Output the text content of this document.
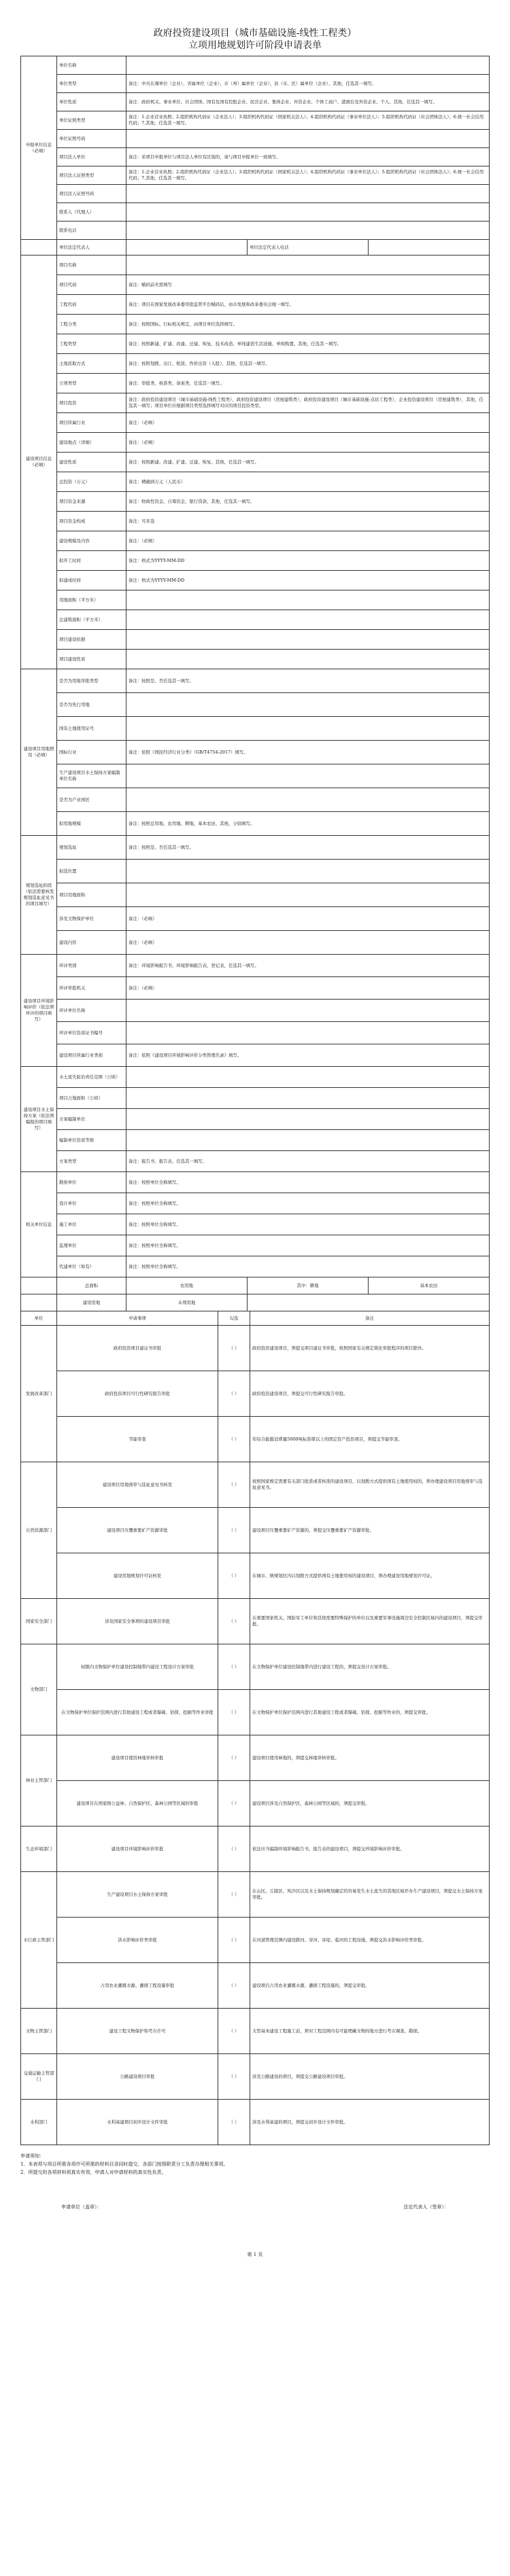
政府投资建设项目（城市基础设施-线性工程类）
立项用地规划许可阶段申请表单
申报单位信息（必填）	单位名称			
	单位类型	备注：中央在湘单位（企业）、省属单位（企业）、市（州）属单位（企业）、县（市、区）属单位（企业）、其他，任选其一填写。		
	单位性质	备注：政府机关、事业单位、社会团体、国有及国有控股企业、民营企业、集体企业、外资企业、个体工商户、港澳台及外资企业、个人、其他，任选其一填写。		
	单位证照类型	备注：1.企业营业执照；2.组织机构代码证（企业法人）；3.组织机构代码证（国家机关法人）；4.组织机构代码证（事业单位法人）；5.组织机构代码证（社会团体法人）；6.统一社会信用代码；7.其他，任选其一填写。		
	单位证照号码			
	项目法人单位	备注：若项目申报单位与项目法人单位有区别的，请与项目申报单位一致填写。		
	项目法人证照类型	备注：1.企业营业执照；2.组织机构代码证（企业法人）；3.组织机构代码证（国家机关法人）；4.组织机构代码证（事业单位法人）；5.组织机构代码证（社会团体法人）；6.统一社会信用代码；7.其他，任选其一填写。		
	项目法人证照号码			
	联系人（代理人）			
	联系电话			
	单位法定代表人		单位法定代表人电话	
建设项目信息（必填）	项目名称			
	项目代码	备注：赋码前无需填写		
	工程代码	备注：项目在国家发展改革委审批监管平台赋码后，由市发展和改革委员会统一填写。		
	工程分类	备注：按照国标、行标相关规定，由项目单位选择填写。		
	工程类型	备注：按照新建、扩建、改建、迁建、恢复、技术改造、单纯建造生活设施、单纯购置、其他，任选其一填写。		
	土地获取方式	备注：按照划拨、出让、租赁、作价出资（入股）、其他，任选其一填写。		
	立项类型	备注：审批类、核准类、备案类，任选其一填写。		
	项目投资	备注：政府投资建设项目（城市基础设施-线性工程类），政府投资建设项目（房屋建筑类），政府投资建设项目（城市基础设施-点状工程类），企业投资建设项目（房屋建筑类），其他，任选其一填写；项目单位应根据项目类型选择填写对应的项目投资类型。		
	项目所属行业	备注：（必填）		
	建设地点（详细）	备注：（必填）		
	建设性质	备注：按照新建、改建、扩建、迁建、恢复、其他，任选其一填写。		
	总投资（万元）	备注：精确到万元（人民币）		
	项目资金来源	备注：财政性资金、自筹资金、银行贷款、其他，任选其一填写。		
	项目资金构成	备注：可多选		
	建设规模及内容	备注：（必填）		
	拟开工时间	备注：格式为YYYY-MM-DD		
	拟建成时间	备注：格式为YYYY-MM-DD		
	用地面积（平方米）			
	总建筑面积（平方米）			
	项目建设依据			
	项目建设性质			
建设项目用地情况（必填）	是否为用地审批类型	备注：按照是、否任选其一填写。		
	是否为先行用地			
	国有土地使用证号			
	国标行业	备注：依照《国民经济行业分类》（GB/T4754-2017）填写。		
	生产建设项目水土保持方案编制单位名称			
	是否为产业园区			
	拟用地规模	备注：按照总用地、农用地、耕地、基本农田、其他，分别填写。		
规划选址阶段（依法需要核发规划选址意见书的项目填写）	规划选址	备注：按照是、否任选其一填写。		
	拟选位置			
	项目用地面积			
	涉及文物保护单位	备注：（必填）		
	建设内容	备注：（必填）		
建设项目环境影响评价（依法须环评的项目填写）	环评类别	备注：环境影响报告书、环境影响报告表、登记表，任选其一填写。		
	环评审批机关	备注：（必填）		
	环评单位名称			
	环评单位资质证书编号			
	建设项目所属行业类别	备注：依照《建设项目环境影响评价分类管理名录》填写。		
建设项目水土保持方案（依法须编报的项目填写）	水土流失防治责任范围（公顷）			
	项目占地面积（公顷）			
	方案编制单位			
	编制单位资质等级			
	方案类型	备注：报告书、报告表，任选其一填写。		
相关单位信息	勘察单位	备注：按照单位全称填写。		
	设计单位	备注：按照单位全称填写。		
	施工单位	备注：按照单位全称填写。		
	监理单位	备注：按照单位全称填写。		
	代建单位（如有）	备注：按照单位全称填写。		
	总面积	农用地	其中：耕地	基本农田
	建设用地	未利用地		
单位	申请事项	勾选	备注
发展改革部门	政府投资项目建议书审批	（ ）	政府投资建设项目，须提交项目建议书审批，按照国家有关规定简化审批程序的项目除外。
	政府投资项目可行性研究报告审批	（ ）	政府投资建设项目，须提交可行性研究报告审批。
	节能审查	（ ）	年综合能源消费量5000吨标准煤以上的固定资产投资项目，须提交节能审查。
自然资源部门	建设项目用地预审与选址意见书核发	（ ）	按照国家规定需要有关部门批准或者核准的建设项目，以划拨方式提供国有土地使用权的，须办理建设项目用地预审与选址意见书。
	建设项目压覆重要矿产资源审批	（ ）	建设项目压覆重要矿产资源的，须提交压覆重要矿产资源审批。
	建设用地规划许可证核发	（ ）	在城市、镇规划区内以划拨方式提供国有土地使用权的建设项目，须办理建设用地规划许可证。
国家安全部门	涉及国家安全事项的建设项目审批	（ ）	在重要国家机关、国防军工单位和其他需要特殊保护的单位以及重要军事设施周边安全控制区域内的建设项目，须提交审批。
文物部门	权限内文物保护单位建设控制地带内建设工程设计方案审批	（ ）	在文物保护单位建设控制地带内进行建设工程的，须提交设计方案审批。
	在文物保护单位保护范围内进行其他建设工程或者爆破、钻探、挖掘等作业审批	（ ）	在文物保护单位保护范围内进行其他建设工程或者爆破、钻探、挖掘等作业的，须提交审批。
林业主管部门	建设项目使用林地审核审批	（ ）	建设项目使用林地的，须提交林地审核审批。
	建设项目在国家级公益林、自然保护区、森林公园等区域的审批	（ ）	建设项目涉及自然保护区、森林公园等区域的，须提交审批。
生态环境部门	建设项目环境影响评价审批	（ ）	依法应当编制环境影响报告书、报告表的建设项目，须提交环境影响评价审批。
水行政主管部门	生产建设项目水土保持方案审批	（ ）	在山区、丘陵区、风沙区以及水土保持规划确定的容易发生水土流失的其他区域开办生产建设项目，须提交水土保持方案审批。
	洪水影响评价类审批	（ ）	在河道管理范围内建设跨河、穿河、穿堤、临河的工程设施，须提交洪水影响评价类审批。
	占用农业灌溉水源、灌排工程设施审批	（ ）	建设项目占用农业灌溉水源、灌排工程设施的，须提交审批。
文物主管部门	建设工程文物保护和考古许可	（ ）	大型基本建设工程施工前，须对工程范围内有可能埋藏文物的地方进行考古调查、勘探。
交通运输主管部门	公路建设项目审批	（ ）	涉及公路建设的项目，须提交公路建设项目审批。
水利部门	水利基建项目初步设计文件审批	（ ）	涉及水利基建的项目，须提交初步设计文件审批。
申请须知：
1．本表须与项目所需各项许可所需的材料目录同时提交，各部门按照职责分工负责办理相关事项。
2．所提交的各项材料须真实有效，申请人对申请材料的真实性负责。
申请单位（盖章）：	法定代表人（签章）：
第 1 页
